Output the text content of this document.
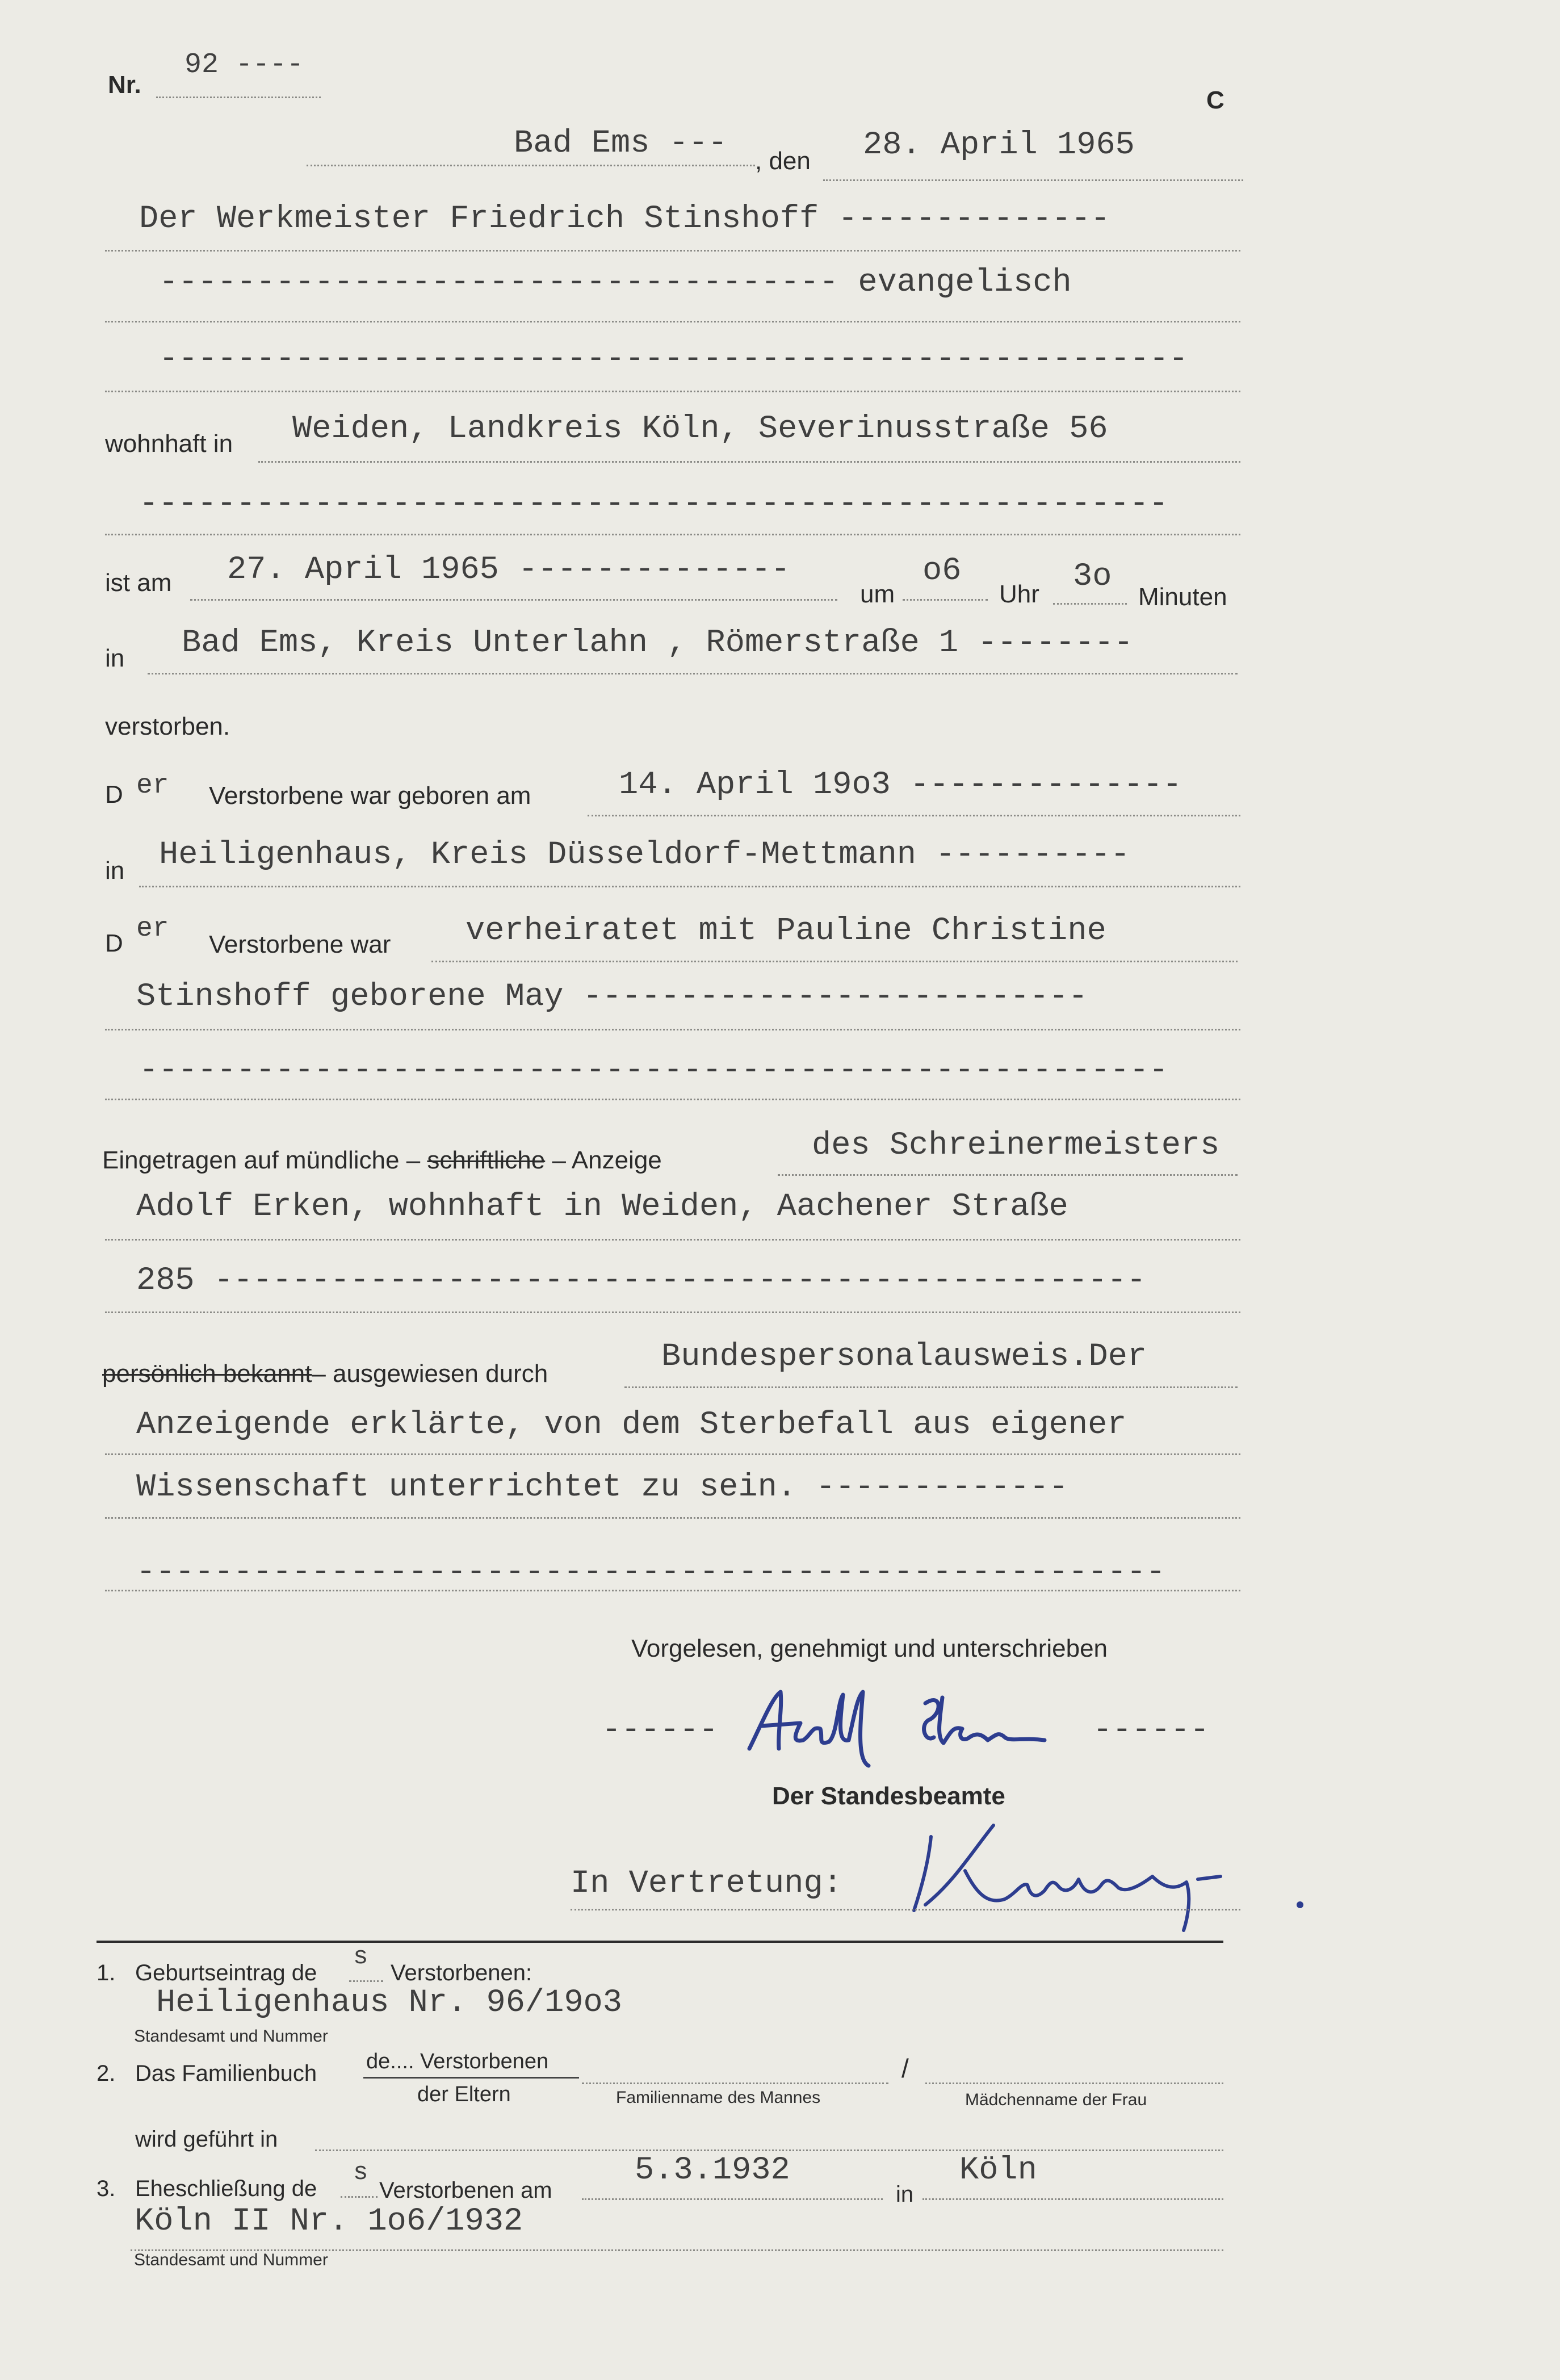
Nr.
92 ----
C
Bad Ems --- , den 28. April 1965
Der Werkmeister Friedrich Stinshoff --------------
----------------------------------- evangelisch
-----------------------------------------------------
wohnhaft in Weiden, Landkreis Köln, Severinusstraße 56
-----------------------------------------------------
ist am 27. April 1965 --------------
um
o6
Uhr 3o
Minuten
in Bad Ems, Kreis Unterlahn , Römerstraße 1 --------
verstorben.
D er Verstorbene war geboren am	14. April 19o3 --------------
in Heiligenhaus, Kreis Düsseldorf-Mettmann ----------
D er
Verstorbene war verheiratet mit Pauline Christine
Stinshoff geborene May --------------------------
-----------------------------------------------------
Eingetragen auf mündliche – schriftliche – Anzeige	des Schreinermeisters
Adolf Erken, wohnhaft in Weiden, Aachener Straße
285 ------------------------------------------------
persönlich bekannt– ausgewiesen durch	Bundespersonalausweis.Der
Anzeigende erklärte, von dem Sterbefall aus eigener
Wissenschaft unterrichtet zu sein. -------------
-----------------------------------------------------
Vorgelesen, genehmigt und unterschrieben
------	------
Der Standesbeamte
In Vertretung:
1. Geburtseintrag de
s
Verstorbenen:
Heiligenhaus Nr. 96/19o3
Standesamt und Nummer
2. Das Familienbuch de.... Verstorbenen
der Eltern
/
Familienname des Mannes	Mädchenname der Frau
wird geführt in
3. Eheschließung de
s
Verstorbenen am
5.3.1932
in
Köln
Köln II Nr. 1o6/1932
Standesamt und Nummer
